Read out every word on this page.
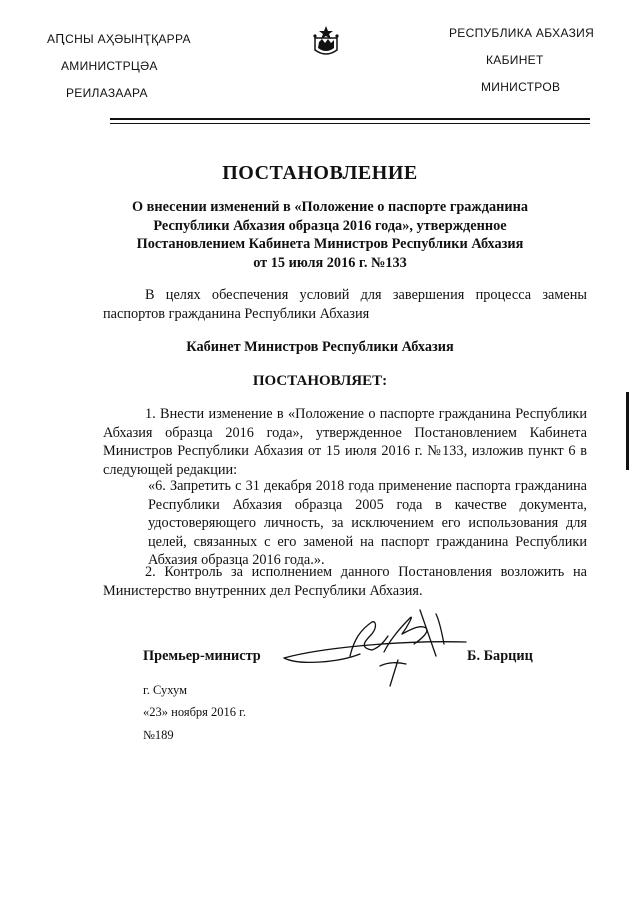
АԤСНЫ АҲӘЫНҬҚАРРА
АМИНИСТРЦӘА
РЕИЛАЗААРА
РЕСПУБЛИКА АБХАЗИЯ
КАБИНЕТ
МИНИСТРОВ
ПОСТАНОВЛЕНИЕ
О внесении изменений в «Положение о паспорте гражданина
Республики Абхазия образца 2016 года», утвержденное
Постановлением Кабинета Министров Республики Абхазия
от 15 июля 2016 г. №133
В целях обеспечения условий для завершения процесса замены паспортов гражданина Республики Абхазия
Кабинет Министров Республики Абхазия
ПОСТАНОВЛЯЕТ:
1. Внести изменение в «Положение о паспорте гражданина Республики Абхазия образца 2016 года», утвержденное Постановлением Кабинета Министров Республики Абхазия от 15 июля 2016 г. №133, изложив пункт 6 в следующей редакции:
«6. Запретить с 31 декабря 2018 года применение паспорта гражданина Республики Абхазия образца 2005 года в качестве документа, удостоверяющего личность, за исключением его использования для целей, связанных с его заменой на паспорт гражданина Республики Абхазия образца 2016 года.».
2. Контроль за исполнением данного Постановления возложить на Министерство внутренних дел Республики Абхазия.
Премьер-министр	Б. Барциц
г. Сухум
«23» ноября 2016 г.
№189
